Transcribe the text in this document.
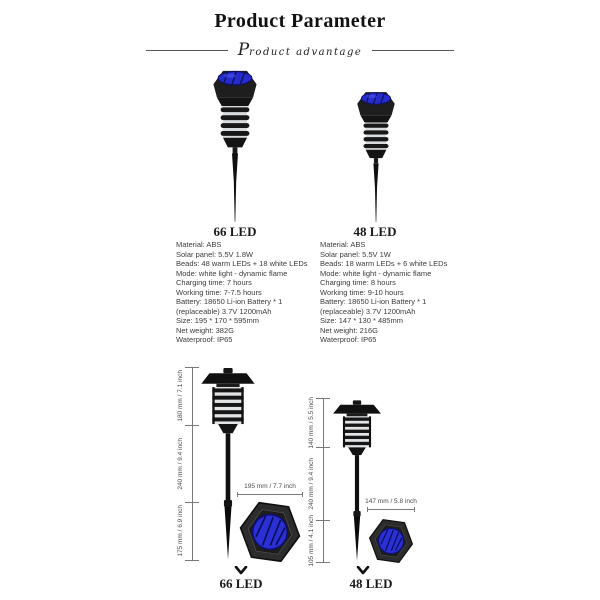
Product Parameter
Product advantage
66 LED	48 LED
Material: ABS
Solar panel: 5.5V 1.8W
Beads: 48 warm LEDs + 18 white LEDs
Mode: white light - dynamic flame
Charging time: 7 hours
Working time: 7-7.5 hours
Battery: 18650 Li-ion Battery * 1
(replaceable) 3.7V 1200mAh
Size: 195 * 170 * 595mm
Net weight: 382G
Waterproof: IP65
Material: ABS
Solar panel: 5.5V 1W
Beads: 18 warm LEDs + 6 white LEDs
Mode: white light - dynamic flame
Charging time: 8 hours
Working time: 9-10 hours
Battery: 18650 Li-ion Battery * 1
(replaceable) 3.7V 1200mAh
Size: 147 * 130 * 485mm
Net weight: 216G
Waterproof: IP65
180 mm / 7.1 inch
240 mm / 9.4 inch
175 mm / 6.9 inch
195 mm / 7.7 inch
66 LED
140 mm / 5.5 inch
240 mm / 9.4 inch
105 mm / 4.1 inch
147 mm / 5.8 inch
48 LED
